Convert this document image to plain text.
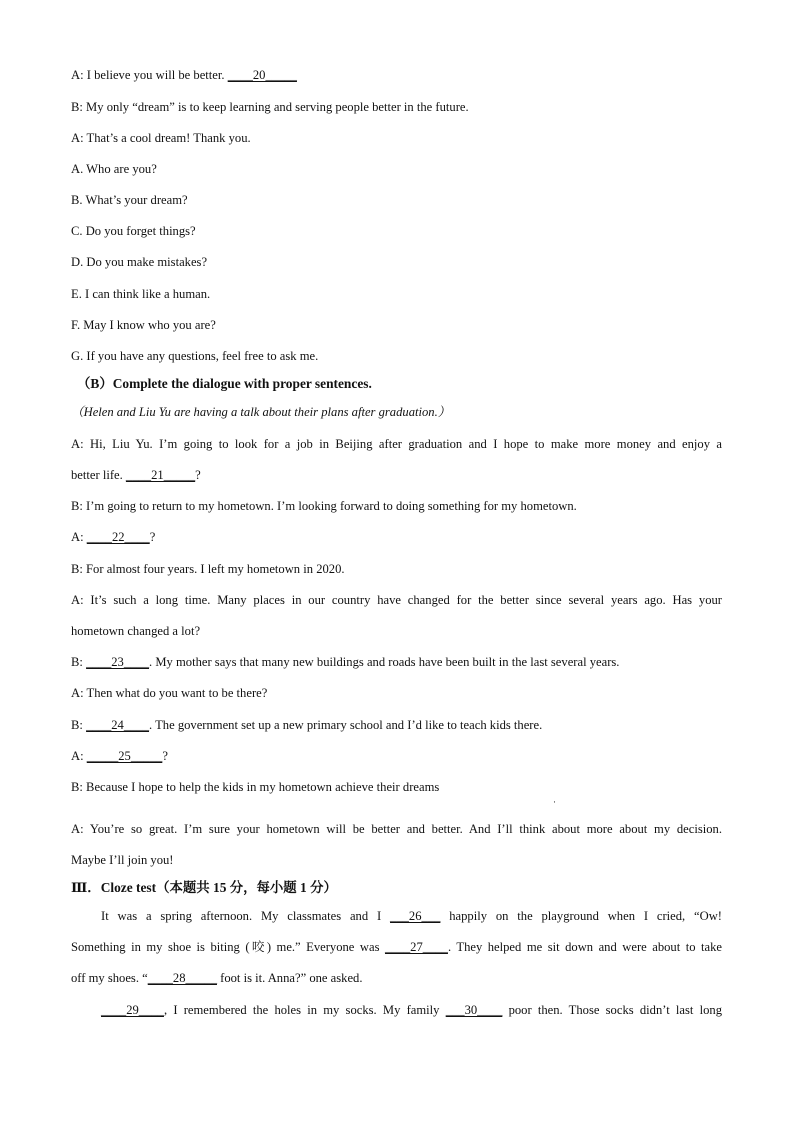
A: I believe you will be better. ____20_____
B: My only “dream” is to keep learning and serving people better in the future.
A: That’s a cool dream! Thank you.
A. Who are you?
B. What’s your dream?
C. Do you forget things?
D. Do you make mistakes?
E. I can think like a human.
F. May I know who you are?
G. If you have any questions, feel free to ask me.
（B）Complete the dialogue with proper sentences.
（Helen and Liu Yu are having a talk about their plans after graduation.）
A: Hi, Liu Yu. I’m going to look for a job in Beijing after graduation and I hope to make more money and enjoy a
better life. ____21_____?
B: I’m going to return to my hometown. I’m looking forward to doing something for my hometown.
A: ____22____?
B: For almost four years. I left my hometown in 2020.
A: It’s such a long time. Many places in our country have changed for the better since several years ago. Has your
hometown changed a lot?
B: ____23____. My mother says that many new buildings and roads have been built in the last several years.
A: Then what do you want to be there?
B: ____24____. The government set up a new primary school and I’d like to teach kids there.
A: _____25_____?
B: Because I hope to help the kids in my hometown achieve their dreams
·
A: You’re so great. I’m sure your hometown will be better and better. And I’ll think about more about my decision.
Maybe I’ll join you!
Ⅲ．Cloze test（本题共 15 分，每小题 1 分）
It was a spring afternoon. My classmates and I ___26___ happily on the playground when I cried, “Ow!
Something in my shoe is biting (咬) me.” Everyone was ____27____. They helped me sit down and were about to take
off my shoes. “____28_____ foot is it. Anna?” one asked.
____29____, I remembered the holes in my socks. My family ___30____ poor then. Those socks didn’t last long
